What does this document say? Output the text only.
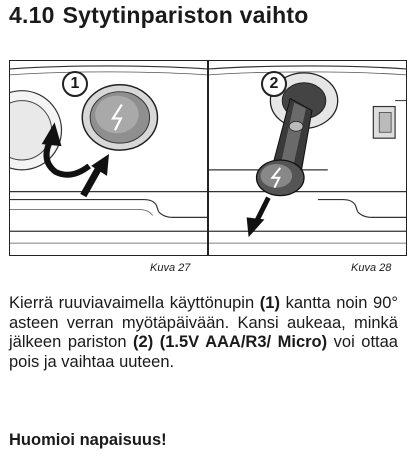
4.10 Sytytinpariston vaihto
1
Kuva 27
2
Kuva 28
Kierrä ruuviavaimella käyttönupin (1) kantta noin 90° asteen verran myötäpäivään. Kansi aukeaa, minkä jälkeen pariston (2) (1.5V AAA/R3/ Micro) voi ottaa pois ja vaihtaa uuteen.
Huomioi napaisuus!
